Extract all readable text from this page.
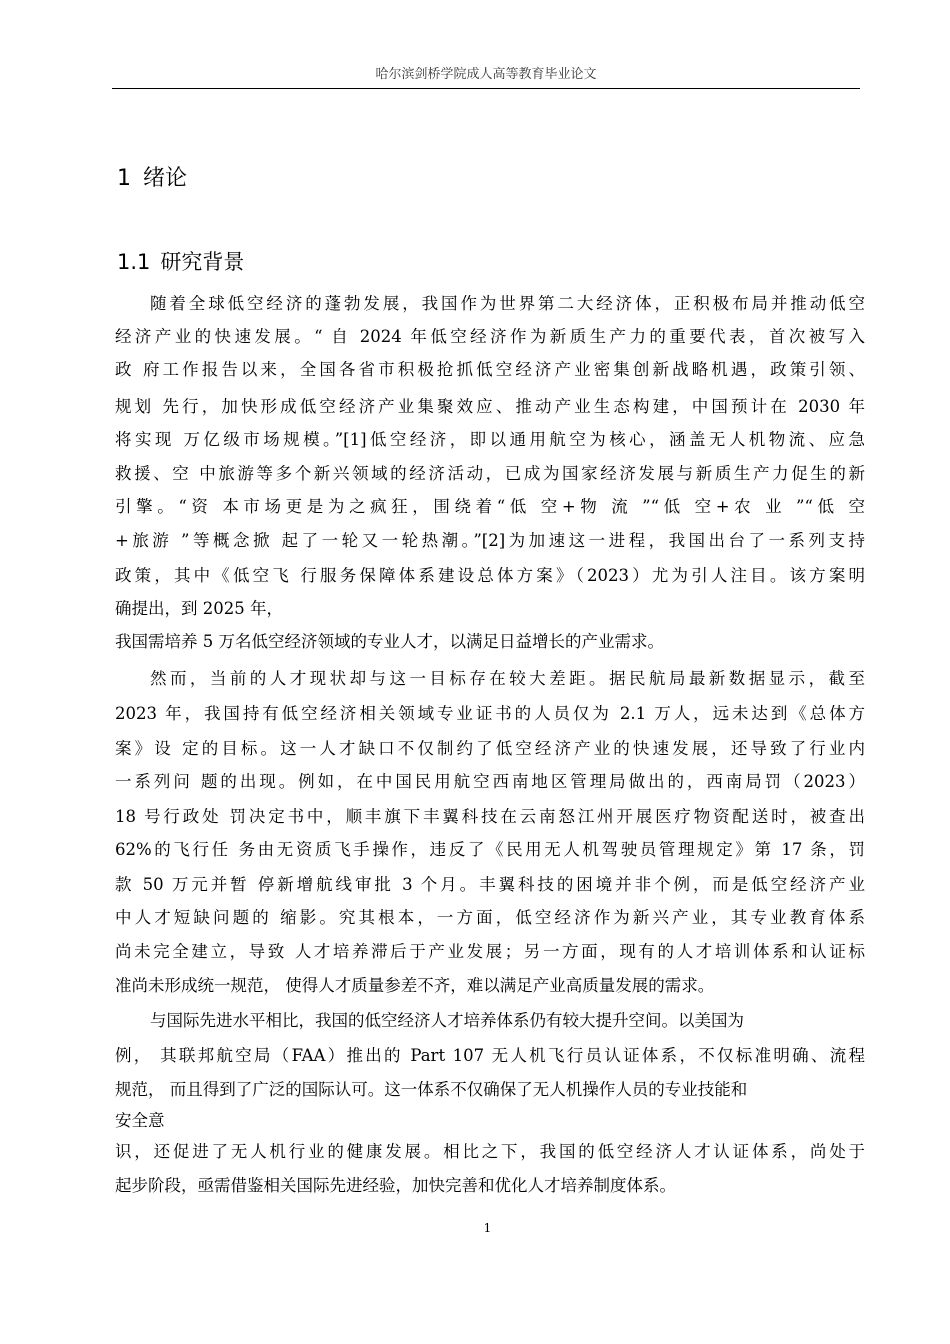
哈尔滨剑桥学院成人高等教育毕业论文
1 绪论
1.1 研究背景
随着全球低空经济的蓬勃发展，我国作为世界第二大经济体，正积极布局并推动低空
经济产业的快速发展。“ 自 2024 年低空经济作为新质生产力的重要代表，首次被写入
政 府工作报告以来，全国各省市积极抢抓低空经济产业密集创新战略机遇，政策引领、
规划 先行，加快形成低空经济产业集聚效应、推动产业生态构建，中国预计在 2030 年
将实现 万亿级市场规模。”[1]低空经济，即以通用航空为核心，涵盖无人机物流、应急
救援、空 中旅游等多个新兴领域的经济活动，已成为国家经济发展与新质生产力促生的新
引擎。“资 本市场更是为之疯狂，围绕着“低 空+物 流 ”“低 空+农 业 ”“低 空
+旅游 ”等概念掀 起了一轮又一轮热潮。”[2]为加速这一进程，我国出台了一系列支持
政策，其中《低空飞 行服务保障体系建设总体方案》（2023）尤为引人注目。该方案明
确提出，到 2025 年，
我国需培养 5 万名低空经济领域的专业人才，以满足日益增长的产业需求。
然而，当前的人才现状却与这一目标存在较大差距。据民航局最新数据显示，截至
2023 年，我国持有低空经济相关领域专业证书的人员仅为 2.1 万人，远未达到《总体方
案》设 定的目标。这一人才缺口不仅制约了低空经济产业的快速发展，还导致了行业内
一系列问 题的出现。例如，在中国民用航空西南地区管理局做出的，西南局罚（2023）
18 号行政处 罚决定书中，顺丰旗下丰翼科技在云南怒江州开展医疗物资配送时，被查出
62%的飞行任 务由无资质飞手操作，违反了《民用无人机驾驶员管理规定》第 17 条，罚
款 50 万元并暂 停新增航线审批 3 个月。丰翼科技的困境并非个例，而是低空经济产业
中人才短缺问题的 缩影。究其根本，一方面，低空经济作为新兴产业，其专业教育体系
尚未完全建立，导致 人才培养滞后于产业发展；另一方面，现有的人才培训体系和认证标
准尚未形成统一规范， 使得人才质量参差不齐，难以满足产业高质量发展的需求。
与国际先进水平相比，我国的低空经济人才培养体系仍有较大提升空间。以美国为
例， 其联邦航空局（FAA）推出的 Part 107 无人机飞行员认证体系，不仅标准明确、流程
规范， 而且得到了广泛的国际认可。这一体系不仅确保了无人机操作人员的专业技能和
安全意
识，还促进了无人机行业的健康发展。相比之下，我国的低空经济人才认证体系，尚处于
起步阶段，亟需借鉴相关国际先进经验，加快完善和优化人才培养制度体系。
1
